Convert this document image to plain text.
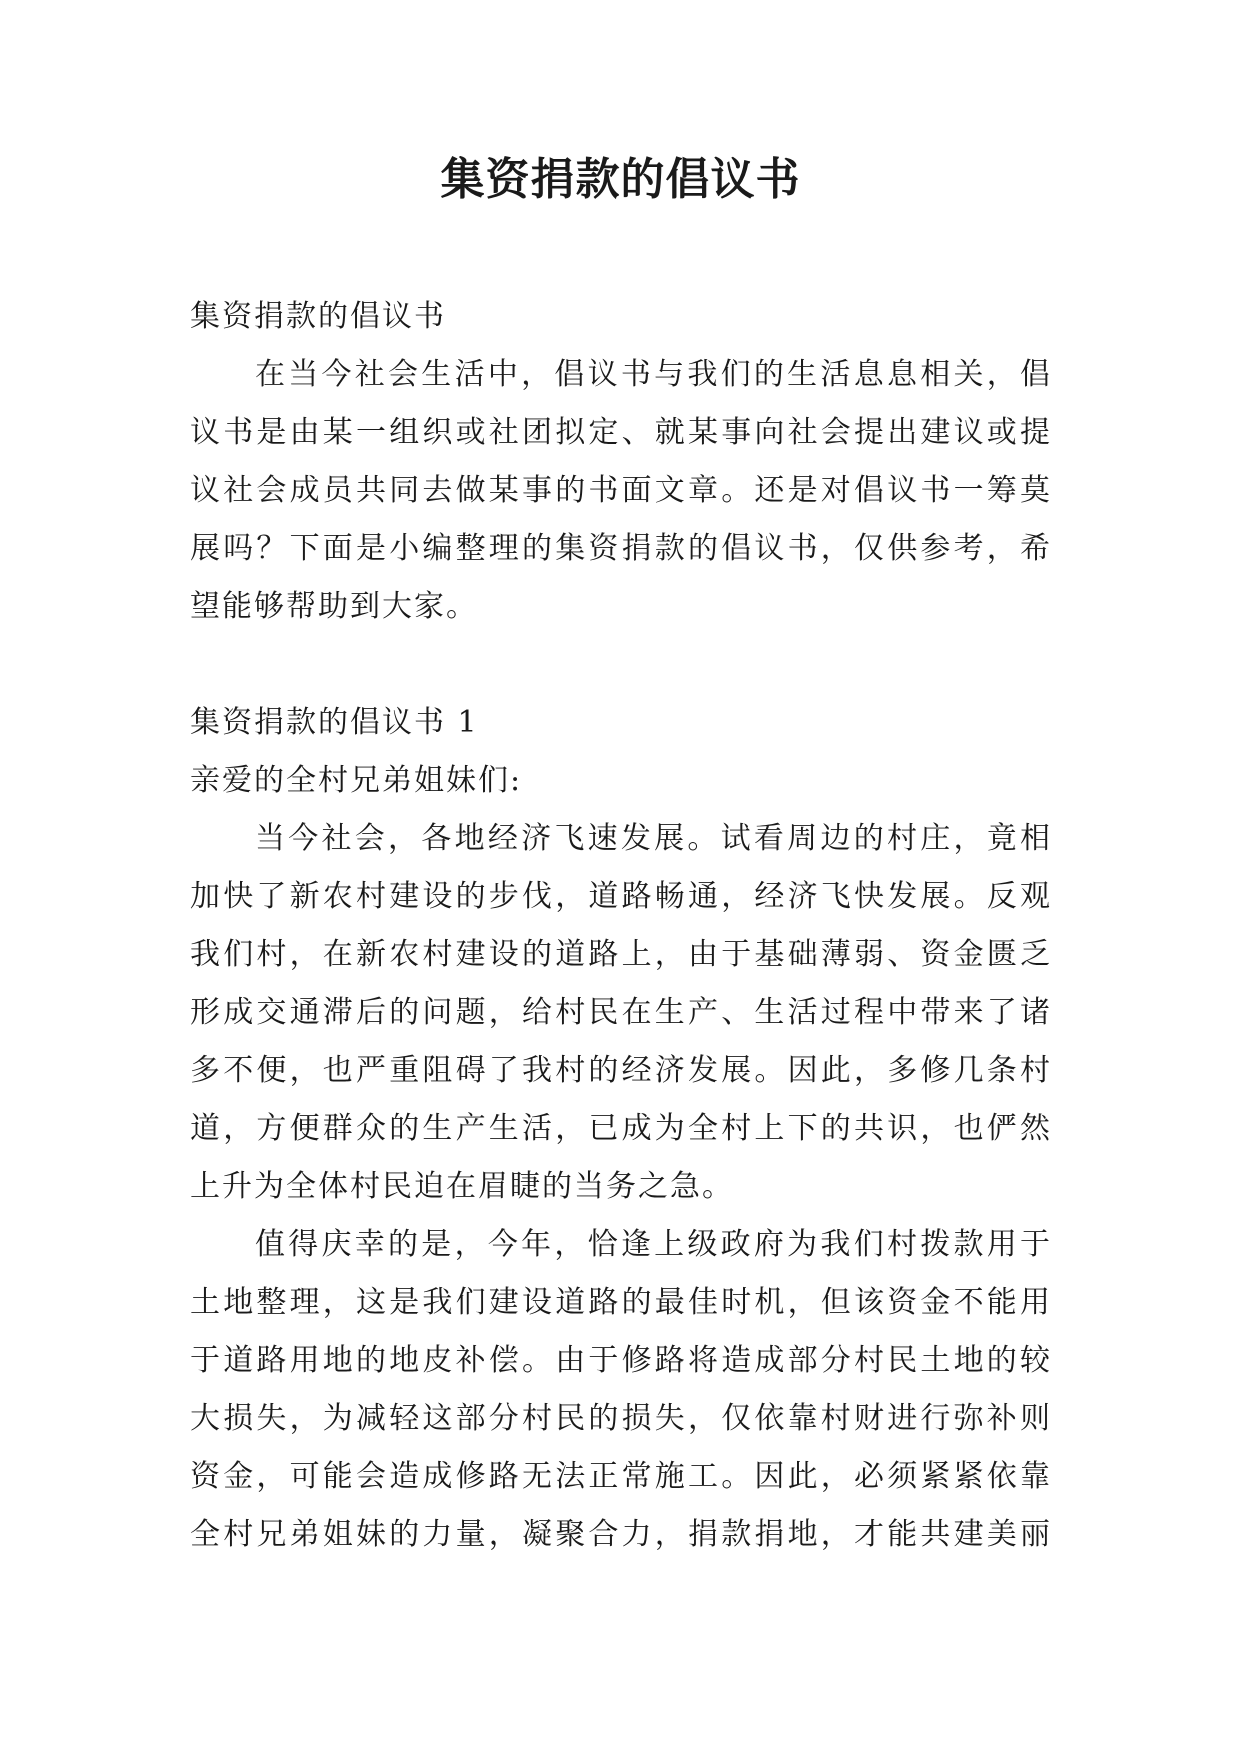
集资捐款的倡议书
集资捐款的倡议书
在当今社会生活中，倡议书与我们的生活息息相关，倡
议书是由某一组织或社团拟定、就某事向社会提出建议或提
议社会成员共同去做某事的书面文章。还是对倡议书一筹莫
展吗？下面是小编整理的集资捐款的倡议书，仅供参考，希
望能够帮助到大家。
集资捐款的倡议书 1
亲爱的全村兄弟姐妹们:
当今社会，各地经济飞速发展。试看周边的村庄，竟相
加快了新农村建设的步伐，道路畅通，经济飞快发展。反观
我们村，在新农村建设的道路上，由于基础薄弱、资金匮乏
形成交通滞后的问题，给村民在生产、生活过程中带来了诸
多不便，也严重阻碍了我村的经济发展。因此，多修几条村
道，方便群众的生产生活，已成为全村上下的共识，也俨然
上升为全体村民迫在眉睫的当务之急。
值得庆幸的是，今年，恰逢上级政府为我们村拨款用于
土地整理，这是我们建设道路的最佳时机，但该资金不能用
于道路用地的地皮补偿。由于修路将造成部分村民土地的较
大损失，为减轻这部分村民的损失，仅依靠村财进行弥补则
资金，可能会造成修路无法正常施工。因此，必须紧紧依靠
全村兄弟姐妹的力量，凝聚合力，捐款捐地，才能共建美丽
